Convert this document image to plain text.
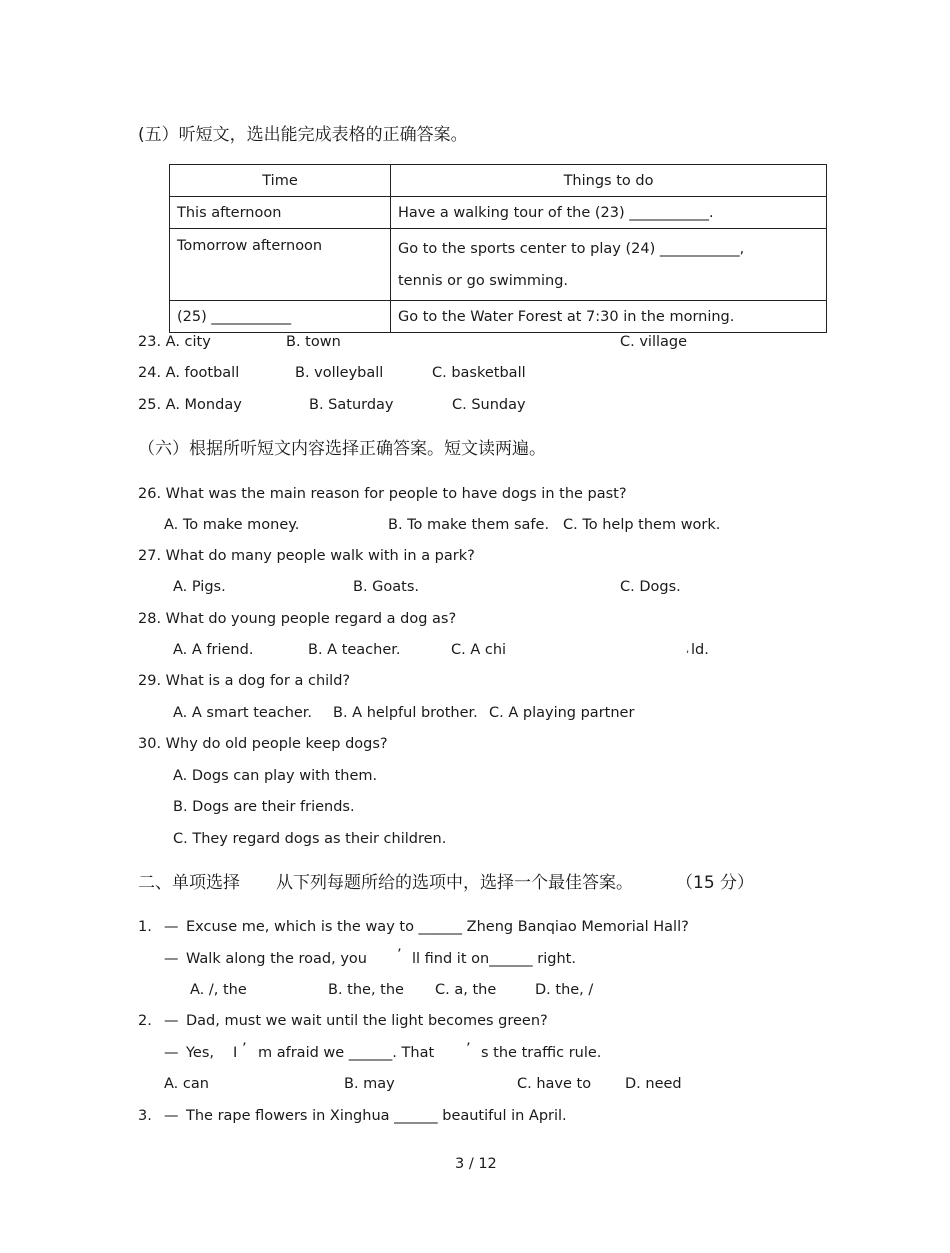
(五）听短文，选出能完成表格的正确答案。
Time	Things to do
This afternoon	Have a walking tour of the (23) ___________.
Tomorrow afternoon	Go to the sports center to play (24) ___________,
tennis or go swimming.

(25) ___________	Go to the Water Forest at 7:30 in the morning.
23. A. city	B. town	C. village
24. A. football	B. volleyball	C. basketball
25. A. Monday	B. Saturday	C. Sunday
（六）根据所听短文内容选择正确答案。短文读两遍。
26. What was the main reason for people to have dogs in the past?
A. To make money.	B. To make them safe. C. To help them work.
27. What do many people walk with in a park?
A. Pigs.	B. Goats.	C. Dogs.
28. What do young people regard a dog as?
A. A friend.	B. A teacher.	C. A chi	, ld.
29. What is a dog for a child?
A. A smart teacher. B. A helpful brother. C. A playing partner
30. Why do old people keep dogs?
A. Dogs can play with them.
B. Dogs are their friends.
C. They regard dogs as their children.
二、单项选择 从下列每题所给的选项中，选择一个最佳答案。	（15 分）
1. — Excuse me, which is the way to ______ Zheng Banqiao Memorial Hall?
— Walk along the road, you ’ ll find it on______ right.
A. /, the	B. the, the C. a, the	D. the, /
2. — Dad, must we wait until the light becomes green?
— Yes, I ’ m afraid we ______. That ’ s the traffic rule.
A. can	B. may	C. have to D. need
3. — The rape flowers in Xinghua ______ beautiful in April.
3 / 12
